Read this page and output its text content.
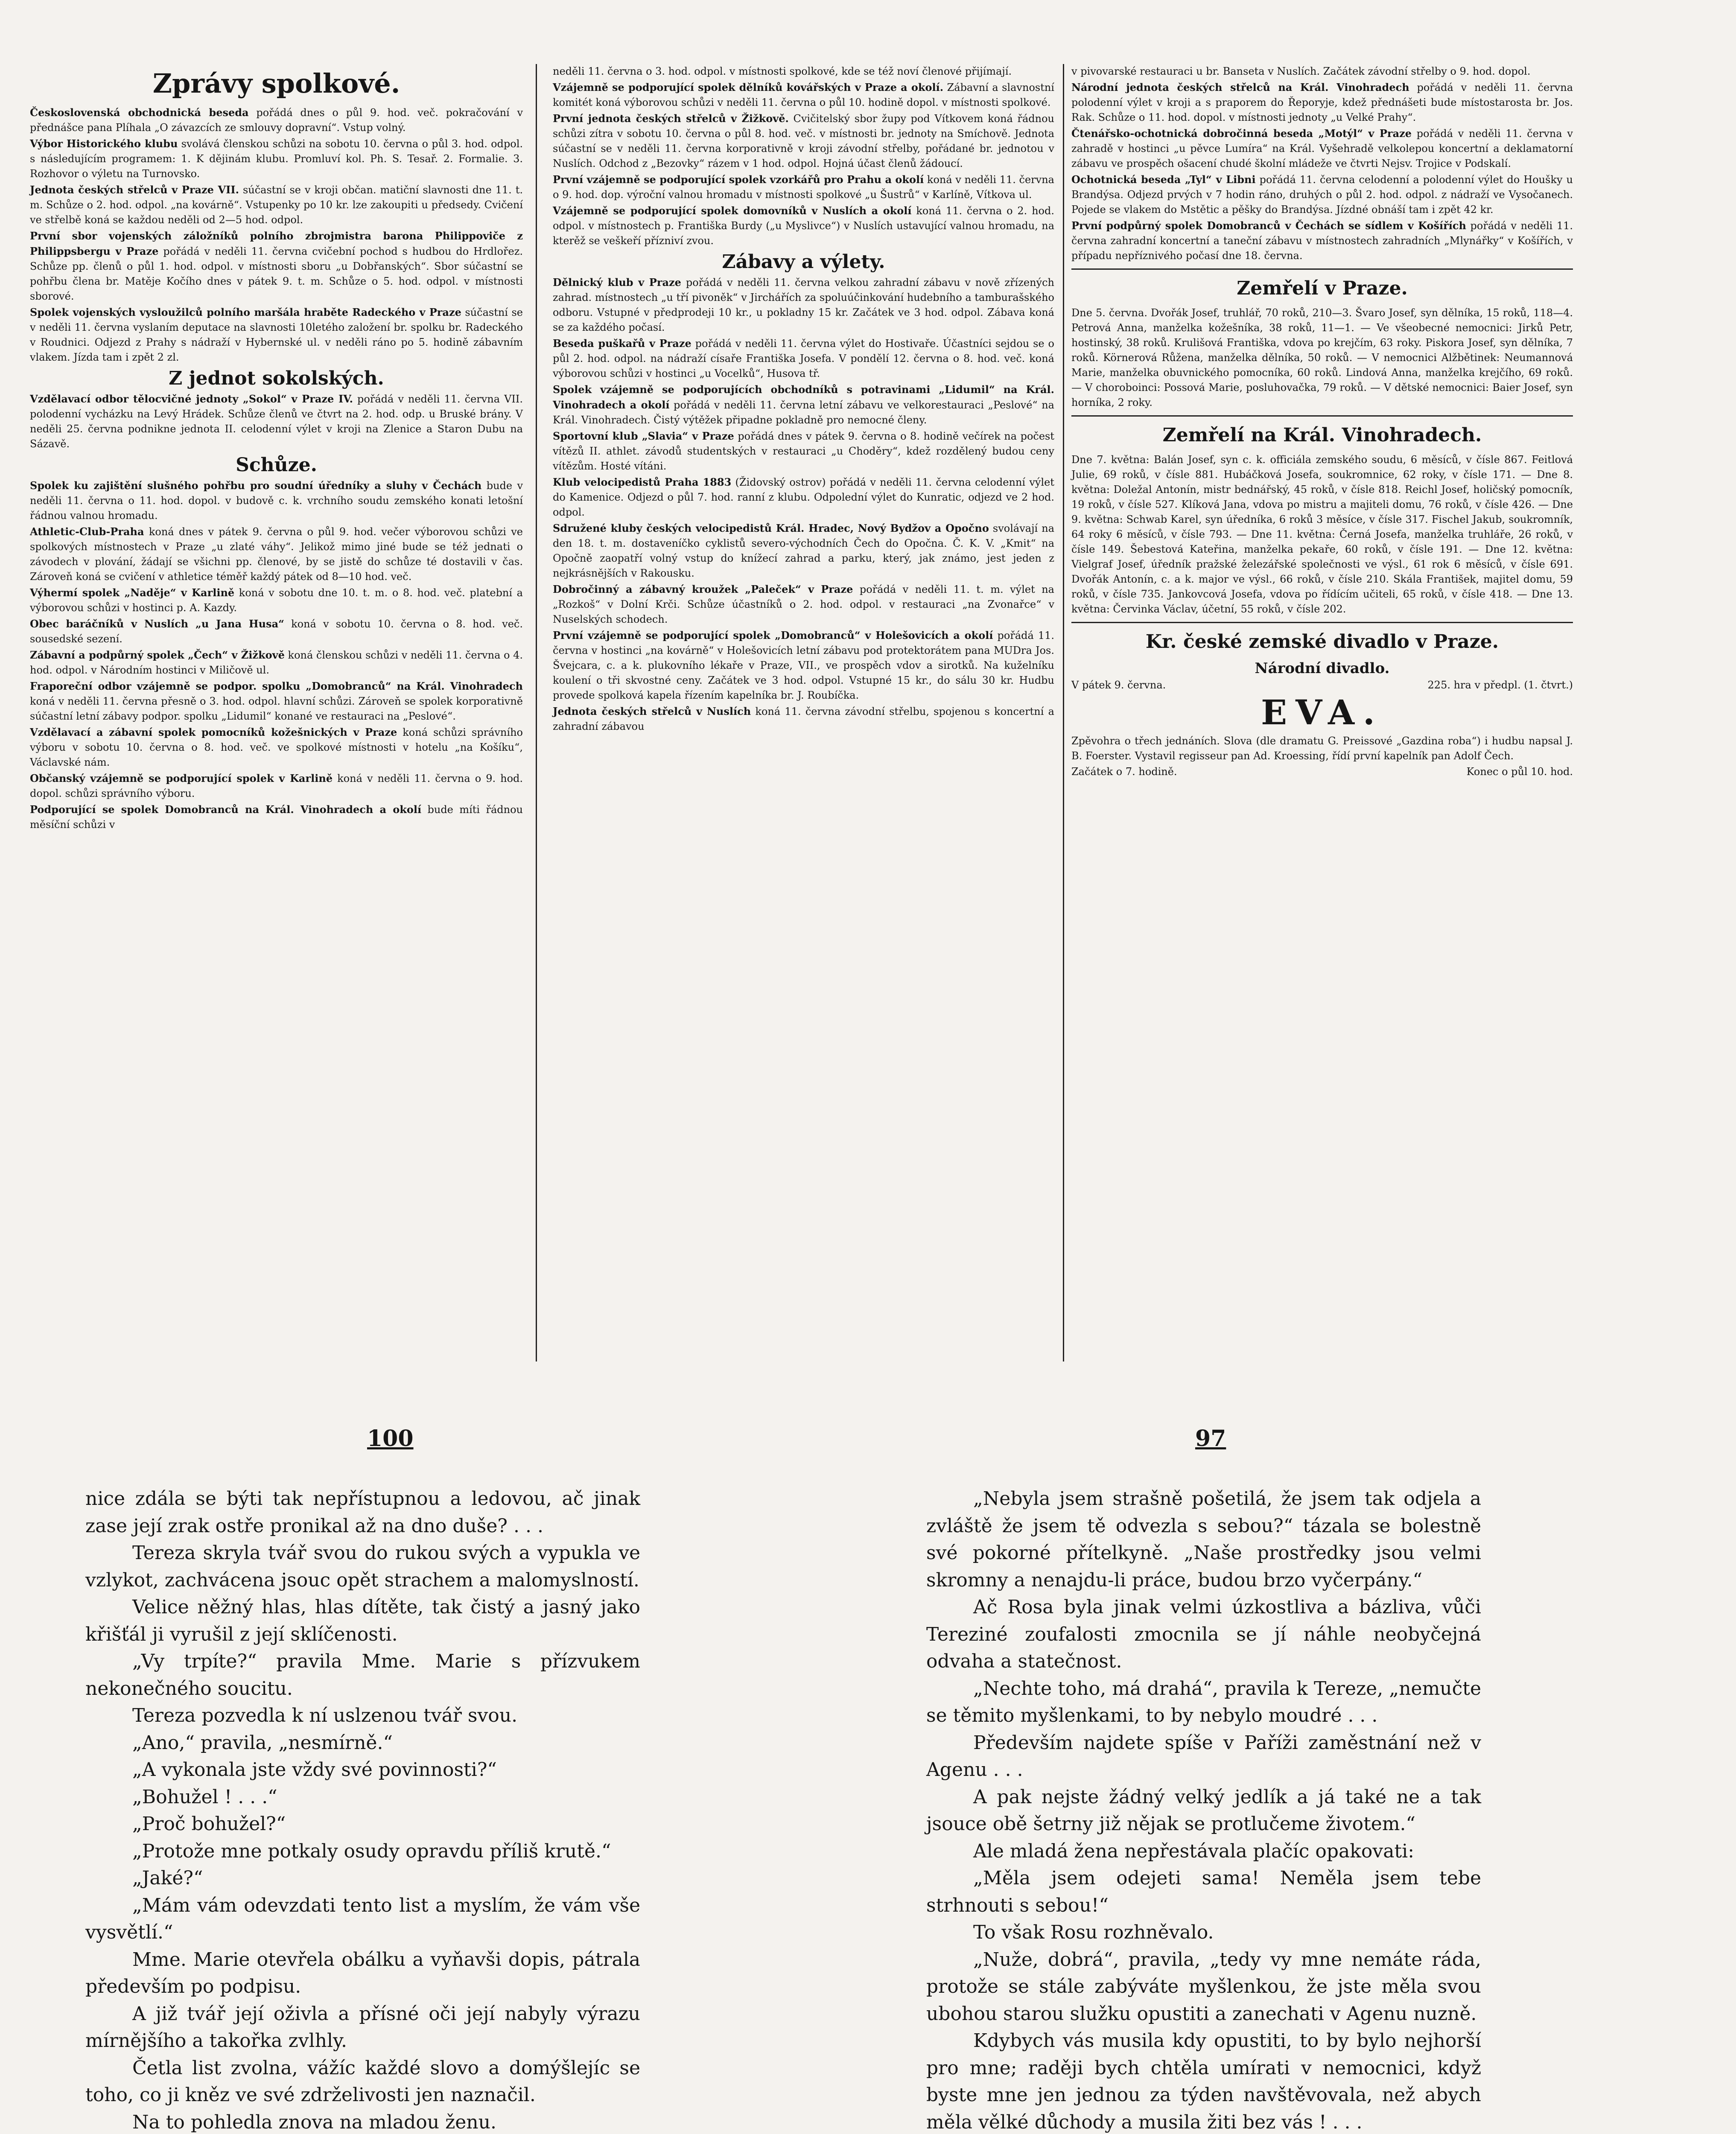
Zprávy spolkové.
Československá obchodnická beseda pořádá dnes o půl 9. hod. več. pokračování v přednášce pana Plíhala „O závazcích ze smlouvy dopravní“. Vstup volný.
Výbor Historického klubu svolává členskou schůzi na sobotu 10. června o půl 3. hod. odpol. s následujícím programem: 1. K dějinám klubu. Promluví kol. Ph. S. Tesař. 2. Formalie. 3. Rozhovor o výletu na Turnovsko.
Jednota českých střelců v Praze VII. súčastní se v kroji občan. matiční slavnosti dne 11. t. m. Schůze o 2. hod. odpol. „na kovárně“. Vstupenky po 10 kr. lze zakoupiti u předsedy. Cvičení ve střelbě koná se každou neděli od 2—5 hod. odpol.
První sbor vojenských záložníků polního zbrojmistra barona Philippoviče z Philippsbergu v Praze pořádá v neděli 11. června cvičební pochod s hudbou do Hrdlořez. Schůze pp. členů o půl 1. hod. odpol. v místnosti sboru „u Dobřanských“. Sbor súčastní se pohřbu člena br. Matěje Kočího dnes v pátek 9. t. m. Schůze o 5. hod. odpol. v místnosti sborové.
Spolek vojenských vysloužilců polního maršála hraběte Radeckého v Praze súčastní se v neděli 11. června vyslaním deputace na slavnosti 10letého založení br. spolku br. Radeckého v Roudnici. Odjezd z Prahy s nádraží v Hybernské ul. v neděli ráno po 5. hodině zábavním vlakem. Jízda tam i zpět 2 zl.
Z jednot sokolských.
Vzdělavací odbor tělocvičné jednoty „Sokol“ v Praze IV. pořádá v neděli 11. června VII. polodenní vycházku na Levý Hrádek. Schůze členů ve čtvrt na 2. hod. odp. u Bruské brány. V neděli 25. června podnikne jednota II. celodenní výlet v kroji na Zlenice a Staron Dubu na Sázavě.
Schůze.
Spolek ku zajištění slušného pohřbu pro soudní úředníky a sluhy v Čechách bude v neděli 11. června o 11. hod. dopol. v budově c. k. vrchního soudu zemského konati letošní řádnou valnou hromadu.
Athletic-Club-Praha koná dnes v pátek 9. června o půl 9. hod. večer výborovou schůzi ve spolkových místnostech v Praze „u zlaté váhy“. Jelikož mimo jiné bude se též jednati o závodech v plování, žádají se všichni pp. členové, by se jistě do schůze té dostavili v čas. Zároveň koná se cvičení v athletice téměř každý pátek od 8—10 hod. več.
Výhermí spolek „Naděje“ v Karlině koná v sobotu dne 10. t. m. o 8. hod. več. platební a výborovou schůzi v hostinci p. A. Kazdy.
Obec baráčníků v Nuslích „u Jana Husa“ koná v sobotu 10. června o 8. hod. več. sousedské sezení.
Zábavní a podpůrný spolek „Čech“ v Žižkově koná členskou schůzi v neděli 11. června o 4. hod. odpol. v Národním hostinci v Miličově ul.
Fraporeční odbor vzájemně se podpor. spolku „Domobranců“ na Král. Vinohradech koná v neděli 11. června přesně o 3. hod. odpol. hlavní schůzi. Zároveň se spolek korporativně súčastní letní zábavy podpor. spolku „Lidumil“ konané ve restauraci na „Peslové“.
Vzdělavací a zábavní spolek pomocníků kožešnických v Praze koná schůzi správního výboru v sobotu 10. června o 8. hod. več. ve spolkové místnosti v hotelu „na Košíku“, Václavské nám.
Občanský vzájemně se podporující spolek v Karlině koná v neděli 11. června o 9. hod. dopol. schůzi správního výboru.
Podporující se spolek Domobranců na Král. Vinohradech a okolí bude míti řádnou měsíční schůzi v
neděli 11. června o 3. hod. odpol. v místnosti spolkové, kde se též noví členové přijímají.
Vzájemně se podporující spolek dělníků kovářských v Praze a okolí. Zábavní a slavnostní komitét koná výborovou schůzi v neděli 11. června o půl 10. hodině dopol. v místnosti spolkové.
První jednota českých střelců v Žižkově. Cvičitelský sbor župy pod Vítkovem koná řádnou schůzi zítra v sobotu 10. června o půl 8. hod. več. v místnosti br. jednoty na Smíchově. Jednota súčastní se v neděli 11. června korporativně v kroji závodní střelby, pořádané br. jednotou v Nuslích. Odchod z „Bezovky“ rázem v 1 hod. odpol. Hojná účast členů žádoucí.
První vzájemně se podporující spolek vzorkářů pro Prahu a okolí koná v neděli 11. června o 9. hod. dop. výroční valnou hromadu v místnosti spolkové „u Šustrů“ v Karlíně, Vítkova ul.
Vzájemně se podporující spolek domovníků v Nuslích a okolí koná 11. června o 2. hod. odpol. v místnostech p. Františka Burdy („u Myslivce“) v Nuslích ustavující valnou hromadu, na kterěž se veškeří přízniví zvou.
Zábavy a výlety.
Dělnický klub v Praze pořádá v neděli 11. června velkou zahradní zábavu v nově zřízených zahrad. místnostech „u tří pivoněk“ v Jirchářích za spoluúčinkování hudebního a tamburašského odboru. Vstupné v předprodeji 10 kr., u pokladny 15 kr. Začátek ve 3 hod. odpol. Zábava koná se za každého počasí.
Beseda puškařů v Praze pořádá v neděli 11. června výlet do Hostivaře. Účastníci sejdou se o půl 2. hod. odpol. na nádraží císaře Františka Josefa. V pondělí 12. června o 8. hod. več. koná výborovou schůzi v hostinci „u Vocelků“, Husova tř.
Spolek vzájemně se podporujících obchodníků s potravinami „Lidumil“ na Král. Vinohradech a okolí pořádá v neděli 11. června letní zábavu ve velkorestauraci „Peslové“ na Král. Vinohradech. Čistý výtěžek připadne pokladně pro nemocné členy.
Sportovní klub „Slavia“ v Praze pořádá dnes v pátek 9. června o 8. hodině večírek na počest vítězů II. athlet. závodů studentských v restauraci „u Choděry“, kdež rozdělený budou ceny vítězům. Hosté vítáni.
Klub velocipedistů Praha 1883 (Židovský ostrov) pořádá v neděli 11. června celodenní výlet do Kamenice. Odjezd o půl 7. hod. ranní z klubu. Odpolední výlet do Kunratic, odjezd ve 2 hod. odpol.
Sdružené kluby českých velocipedistů Král. Hradec, Nový Bydžov a Opočno svolávají na den 18. t. m. dostaveníčko cyklistů severo-východních Čech do Opočna. Č. K. V. „Kmit“ na Opočně zaopatří volný vstup do knížecí zahrad a parku, který, jak známo, jest jeden z nejkrásnějších v Rakousku.
Dobročinný a zábavný kroužek „Paleček“ v Praze pořádá v neděli 11. t. m. výlet na „Rozkoš“ v Dolní Krči. Schůze účastníků o 2. hod. odpol. v restauraci „na Zvonařce“ v Nuselských schodech.
První vzájemně se podporující spolek „Domobranců“ v Holešovicích a okolí pořádá 11. června v hostinci „na kovárně“ v Holešovicích letní zábavu pod protektorátem pana MUDra Jos. Švejcara, c. a k. plukovního lékaře v Praze, VII., ve prospěch vdov a sirotků. Na kuželníku koulení o tři skvostné ceny. Začátek ve 3 hod. odpol. Vstupné 15 kr., do sálu 30 kr. Hudbu provede spolková kapela řízením kapelníka br. J. Roubíčka.
Jednota českých střelců v Nuslích koná 11. června závodní střelbu, spojenou s koncertní a zahradní zábavou
v pivovarské restauraci u br. Banseta v Nuslích. Začátek závodní střelby o 9. hod. dopol.
Národní jednota českých střelců na Král. Vinohradech pořádá v neděli 11. června polodenní výlet v kroji a s praporem do Řeporyje, kdež přednášeti bude místostarosta br. Jos. Rak. Schůze o 11. hod. dopol. v místnosti jednoty „u Velké Prahy“.
Čtenářsko-ochotnická dobročinná beseda „Motýl“ v Praze pořádá v neděli 11. června v zahradě v hostinci „u pěvce Lumíra“ na Král. Vyšehradě velkolepou koncertní a deklamatorní zábavu ve prospěch ošacení chudé školní mládeže ve čtvrti Nejsv. Trojice v Podskalí.
Ochotnická beseda „Tyl“ v Libni pořádá 11. června celodenní a polodenní výlet do Houšky u Brandýsa. Odjezd prvých v 7 hodin ráno, druhých o půl 2. hod. odpol. z nádraží ve Vysočanech. Pojede se vlakem do Mstětic a pěšky do Brandýsa. Jízdné obnáší tam i zpět 42 kr.
První podpůrný spolek Domobranců v Čechách se sídlem v Košířích pořádá v neděli 11. června zahradní koncertní a taneční zábavu v místnostech zahradních „Mlynářky“ v Košířích, v případu nepříznivého počasí dne 18. června.
Zemřelí v Praze.
Dne 5. června. Dvořák Josef, truhlář, 70 roků, 210—3. Švaro Josef, syn dělníka, 15 roků, 118—4. Petrová Anna, manželka kožešníka, 38 roků, 11—1. — Ve všeobecné nemocnici: Jirků Petr, hostinský, 38 roků. Krulišová Františka, vdova po krejčím, 63 roky. Piskora Josef, syn dělníka, 7 roků. Körnerová Růžena, manželka dělníka, 50 roků. — V nemocnici Alžbětinek: Neumannová Marie, manželka obuvnického pomocníka, 60 roků. Lindová Anna, manželka krejčího, 69 roků. — V choroboinci: Possová Marie, posluhovačka, 79 roků. — V dětské nemocnici: Baier Josef, syn horníka, 2 roky.
Zemřelí na Král. Vinohradech.
Dne 7. května: Balán Josef, syn c. k. officiála zemského soudu, 6 měsíců, v čísle 867. Feitlová Julie, 69 roků, v čísle 881. Hubáčková Josefa, soukromnice, 62 roky, v čísle 171. — Dne 8. května: Doležal Antonín, mistr bednářský, 45 roků, v čísle 818. Reichl Josef, holičský pomocník, 19 roků, v čísle 527. Klíková Jana, vdova po mistru a majiteli domu, 76 roků, v čísle 426. — Dne 9. května: Schwab Karel, syn úředníka, 6 roků 3 měsíce, v čísle 317. Fischel Jakub, soukromník, 64 roky 6 měsíců, v čísle 793. — Dne 11. května: Černá Josefa, manželka truhláře, 26 roků, v čísle 149. Šebestová Kateřina, manželka pekaře, 60 roků, v čísle 191. — Dne 12. května: Vielgraf Josef, úředník pražské železářské společnosti ve výsl., 61 rok 6 měsíců, v čísle 691. Dvořák Antonín, c. a k. major ve výsl., 66 roků, v čísle 210. Skála František, majitel domu, 59 roků, v čísle 735. Jankovcová Josefa, vdova po řídícím učiteli, 65 roků, v čísle 418. — Dne 13. května: Červinka Václav, účetní, 55 roků, v čísle 202.
Kr. české zemské divadlo v Praze.
Národní divadlo.
V pátek 9. června.	225. hra v předpl. (1. čtvrt.)
EVA.
Zpěvohra o třech jednáních. Slova (dle dramatu G. Preissové „Gazdina roba“) i hudbu napsal J. B. Foerster. Vystavil regisseur pan Ad. Kroessing, řídí první kapelník pan Adolf Čech.
Začátek o 7. hodině.	Konec o půl 10. hod.
100	97

nice zdála se býti tak nepřístupnou a ledovou, ač jinak zase její zrak ostře pronikal až na dno duše? . . .

Tereza skryla tvář svou do rukou svých a vypukla ve vzlykot, zachvácena jsouc opět strachem a malomyslností.

Velice něžný hlas, hlas dítěte, tak čistý a jasný jako křišťál ji vyrušil z její sklíčenosti.

„Vy trpíte?“ pravila Mme. Marie s přízvukem nekonečného soucitu.

Tereza pozvedla k ní uslzenou tvář svou.

„Ano,“ pravila, „nesmírně.“

„A vykonala jste vždy své povinnosti?“

„Bohužel ! . . .“

„Proč bohužel?“

„Protože mne potkaly osudy opravdu příliš krutě.“

„Jaké?“

„Mám vám odevzdati tento list a myslím, že vám vše vysvětlí.“

Mme. Marie otevřela obálku a vyňavši dopis, pátrala především po podpisu.

A již tvář její oživla a přísné oči její nabyly výrazu mírnějšího a takořka zvlhly.

Četla list zvolna, vážíc každé slovo a domýšlejíc se toho, co ji kněz ve své zdrželivosti jen naznačil.

Na to pohledla znova na mladou ženu.

„Nebyla jsem strašně pošetilá, že jsem tak odjela a zvláště že jsem tě odvezla s sebou?“ tázala se bolestně své pokorné přítelkyně. „Naše prostředky jsou velmi skromny a nenajdu-li práce, budou brzo vyčerpány.“

Ač Rosa byla jinak velmi úzkostliva a bázliva, vůči Tereziné zoufalosti zmocnila se jí náhle neobyčejná odvaha a statečnost.

„Nechte toho, má drahá“, pravila k Tereze, „nemučte se těmito myšlenkami, to by nebylo moudré . . .

Především najdete spíše v Paříži zaměstnání než v Agenu . . .

A pak nejste žádný velký jedlík a já také ne a tak jsouce obě šetrny již nějak se protlučeme životem.“

Ale mladá žena nepřestávala plačíc opakovati:

„Měla jsem odejeti sama! Neměla jsem tebe strhnouti s sebou!“

To však Rosu rozhněvalo.

„Nuže, dobrá“, pravila, „tedy vy mne nemáte ráda, protože se stále zabýváte myšlenkou, že jste měla svou ubohou starou služku opustiti a zanechati v Agenu nuzně.

Kdybych vás musila kdy opustiti, to by bylo nejhorší pro mne; raději bych chtěla umírati v nemocnici, když byste mne jen jednou za týden navštěvovala, než abych měla vělké důchody a musila žiti bez vás ! . . .
